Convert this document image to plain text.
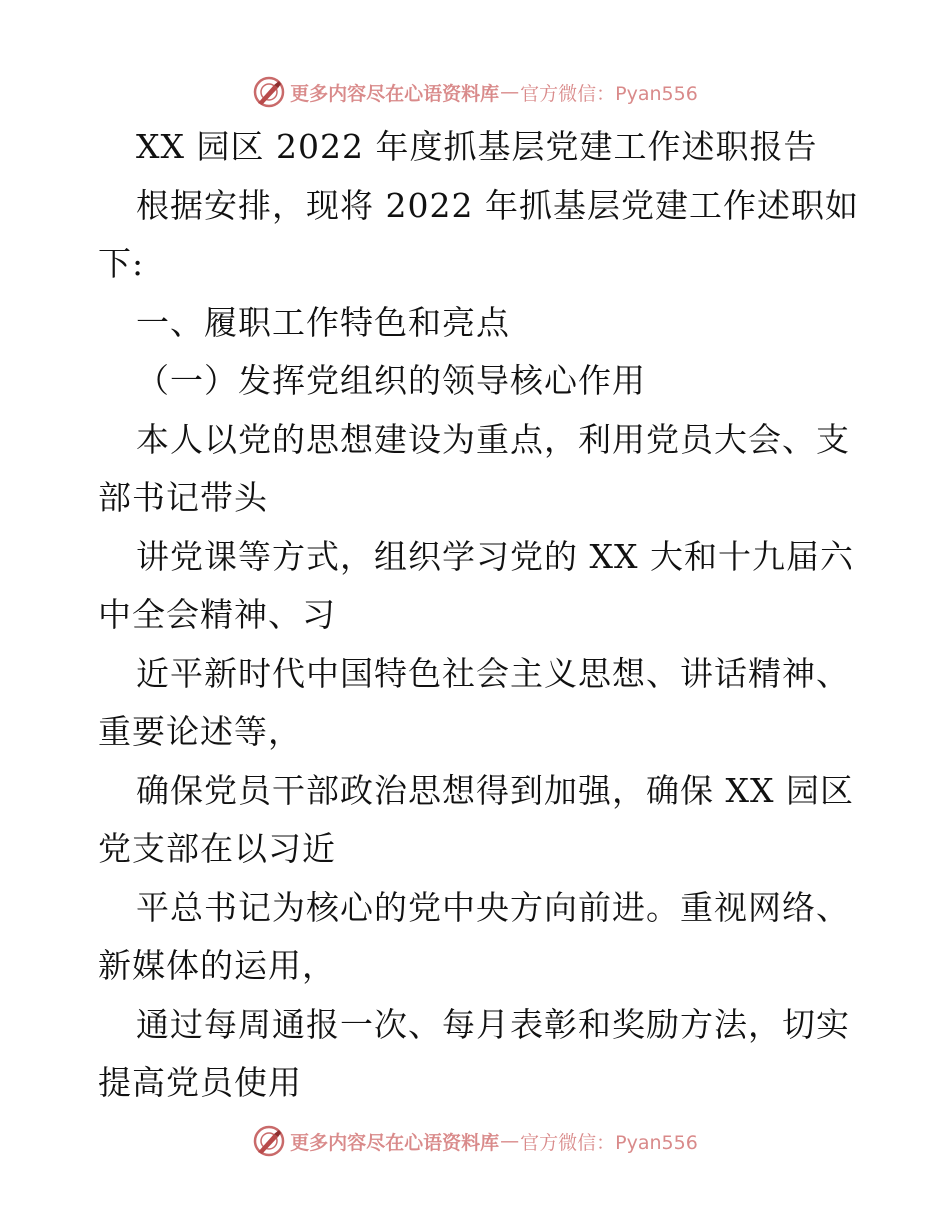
更多内容尽在心语资料库 — 官方微信：Pyan556
XX 园区 2022 年度抓基层党建工作述职报告
根据安排，现将 2022 年抓基层党建工作述职如
下:
一、履职工作特色和亮点
（一）发挥党组织的领导核心作用
本人以党的思想建设为重点，利用党员大会、支
部书记带头
讲党课等方式，组织学习党的 XX 大和十九届六
中全会精神、习
近平新时代中国特色社会主义思想、讲话精神、
重要论述等，
确保党员干部政治思想得到加强，确保 XX 园区
党支部在以习近
平总书记为核心的党中央方向前进。重视网络、
新媒体的运用，
通过每周通报一次、每月表彰和奖励方法，切实
提高党员使用
更多内容尽在心语资料库 — 官方微信：Pyan556
